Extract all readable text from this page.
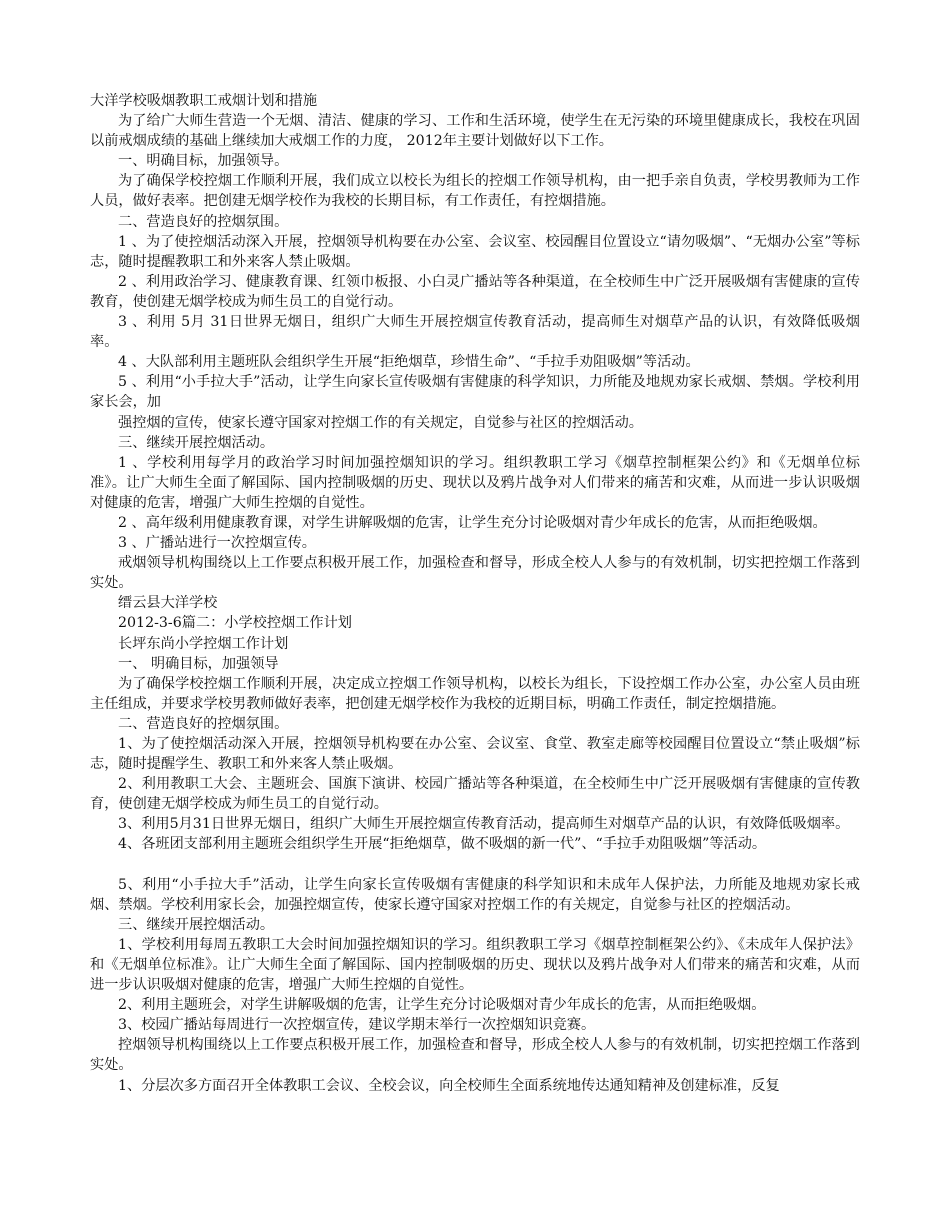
大洋学校吸烟教职工戒烟计划和措施

为了给广大师生营造一个无烟、清洁、健康的学习、工作和生活环境，使学生在无污染的环境里健康成长，我校在巩固以前戒烟成绩的基础上继续加大戒烟工作的力度， 2012年主要计划做好以下工作。

一、明确目标，加强领导。

为了确保学校控烟工作顺利开展，我们成立以校长为组长的控烟工作领导机构，由一把手亲自负责，学校男教师为工作人员，做好表率。把创建无烟学校作为我校的长期目标，有工作责任，有控烟措施。

二、营造良好的控烟氛围。

1 、为了使控烟活动深入开展，控烟领导机构要在办公室、会议室、校园醒目位置设立“请勿吸烟”、“无烟办公室”等标志，随时提醒教职工和外来客人禁止吸烟。

2 、利用政治学习、健康教育课、红领巾板报、小白灵广播站等各种渠道，在全校师生中广泛开展吸烟有害健康的宣传教育，使创建无烟学校成为师生员工的自觉行动。

3 、利用 5月 31日世界无烟日，组织广大师生开展控烟宣传教育活动，提高师生对烟草产品的认识，有效降低吸烟率。

4 、大队部利用主题班队会组织学生开展“拒绝烟草，珍惜生命”、“手拉手劝阻吸烟”等活动。

5 、利用“小手拉大手”活动，让学生向家长宣传吸烟有害健康的科学知识，力所能及地规劝家长戒烟、禁烟。学校利用家长会，加

强控烟的宣传，使家长遵守国家对控烟工作的有关规定，自觉参与社区的控烟活动。

三、继续开展控烟活动。

1 、学校利用每学月的政治学习时间加强控烟知识的学习。组织教职工学习《烟草控制框架公约》和《无烟单位标准》。让广大师生全面了解国际、国内控制吸烟的历史、现状以及鸦片战争对人们带来的痛苦和灾难，从而进一步认识吸烟对健康的危害，增强广大师生控烟的自觉性。

2 、高年级利用健康教育课，对学生讲解吸烟的危害，让学生充分讨论吸烟对青少年成长的危害，从而拒绝吸烟。

3 、广播站进行一次控烟宣传。

戒烟领导机构围绕以上工作要点积极开展工作，加强检查和督导，形成全校人人参与的有效机制，切实把控烟工作落到实处。

缙云县大洋学校

2012-3-6篇二：小学校控烟工作计划

长坪东尚小学控烟工作计划

一、 明确目标，加强领导

为了确保学校控烟工作顺利开展，决定成立控烟工作领导机构，以校长为组长，下设控烟工作办公室，办公室人员由班主任组成，并要求学校男教师做好表率，把创建无烟学校作为我校的近期目标，明确工作责任，制定控烟措施。

二、营造良好的控烟氛围。

1、为了使控烟活动深入开展，控烟领导机构要在办公室、会议室、食堂、教室走廊等校园醒目位置设立“禁止吸烟”标志，随时提醒学生、教职工和外来客人禁止吸烟。

2、利用教职工大会、主题班会、国旗下演讲、校园广播站等各种渠道，在全校师生中广泛开展吸烟有害健康的宣传教育，使创建无烟学校成为师生员工的自觉行动。

3、利用5月31日世界无烟日，组织广大师生开展控烟宣传教育活动，提高师生对烟草产品的认识，有效降低吸烟率。

4、各班团支部利用主题班会组织学生开展“拒绝烟草，做不吸烟的新一代”、“手拉手劝阻吸烟”等活动。

5、利用“小手拉大手”活动，让学生向家长宣传吸烟有害健康的科学知识和未成年人保护法，力所能及地规劝家长戒烟、禁烟。学校利用家长会，加强控烟宣传，使家长遵守国家对控烟工作的有关规定，自觉参与社区的控烟活动。

三、继续开展控烟活动。

1、学校利用每周五教职工大会时间加强控烟知识的学习。组织教职工学习《烟草控制框架公约》、《未成年人保护法》和《无烟单位标准》。让广大师生全面了解国际、国内控制吸烟的历史、现状以及鸦片战争对人们带来的痛苦和灾难，从而进一步认识吸烟对健康的危害，增强广大师生控烟的自觉性。

2、利用主题班会，对学生讲解吸烟的危害，让学生充分讨论吸烟对青少年成长的危害，从而拒绝吸烟。

3、校园广播站每周进行一次控烟宣传，建议学期末举行一次控烟知识竞赛。

控烟领导机构围绕以上工作要点积极开展工作，加强检查和督导，形成全校人人参与的有效机制，切实把控烟工作落到实处。

1、分层次多方面召开全体教职工会议、全校会议，向全校师生全面系统地传达通知精神及创建标准，反复
